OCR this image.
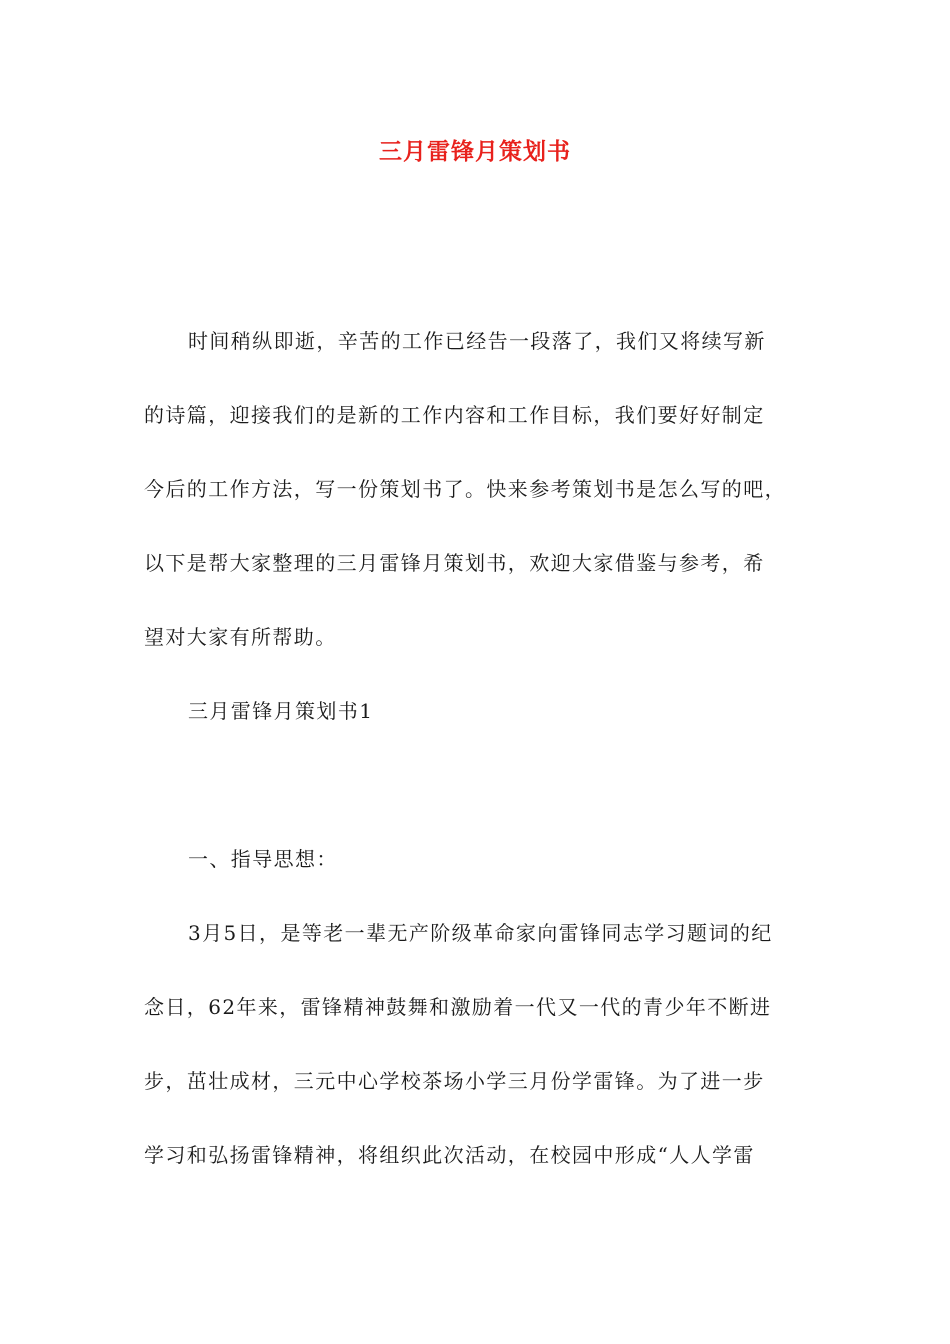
三月雷锋月策划书
时间稍纵即逝，辛苦的工作已经告一段落了，我们又将续写新
的诗篇，迎接我们的是新的工作内容和工作目标，我们要好好制定
今后的工作方法，写一份策划书了。快来参考策划书是怎么写的吧，
以下是帮大家整理的三月雷锋月策划书，欢迎大家借鉴与参考，希
望对大家有所帮助。
三月雷锋月策划书1
一、指导思想：
3月5日，是等老一辈无产阶级革命家向雷锋同志学习题词的纪
念日，62年来，雷锋精神鼓舞和激励着一代又一代的青少年不断进
步，茁壮成材，三元中心学校茶场小学三月份学雷锋。为了进一步
学习和弘扬雷锋精神，将组织此次活动，在校园中形成“人人学雷
